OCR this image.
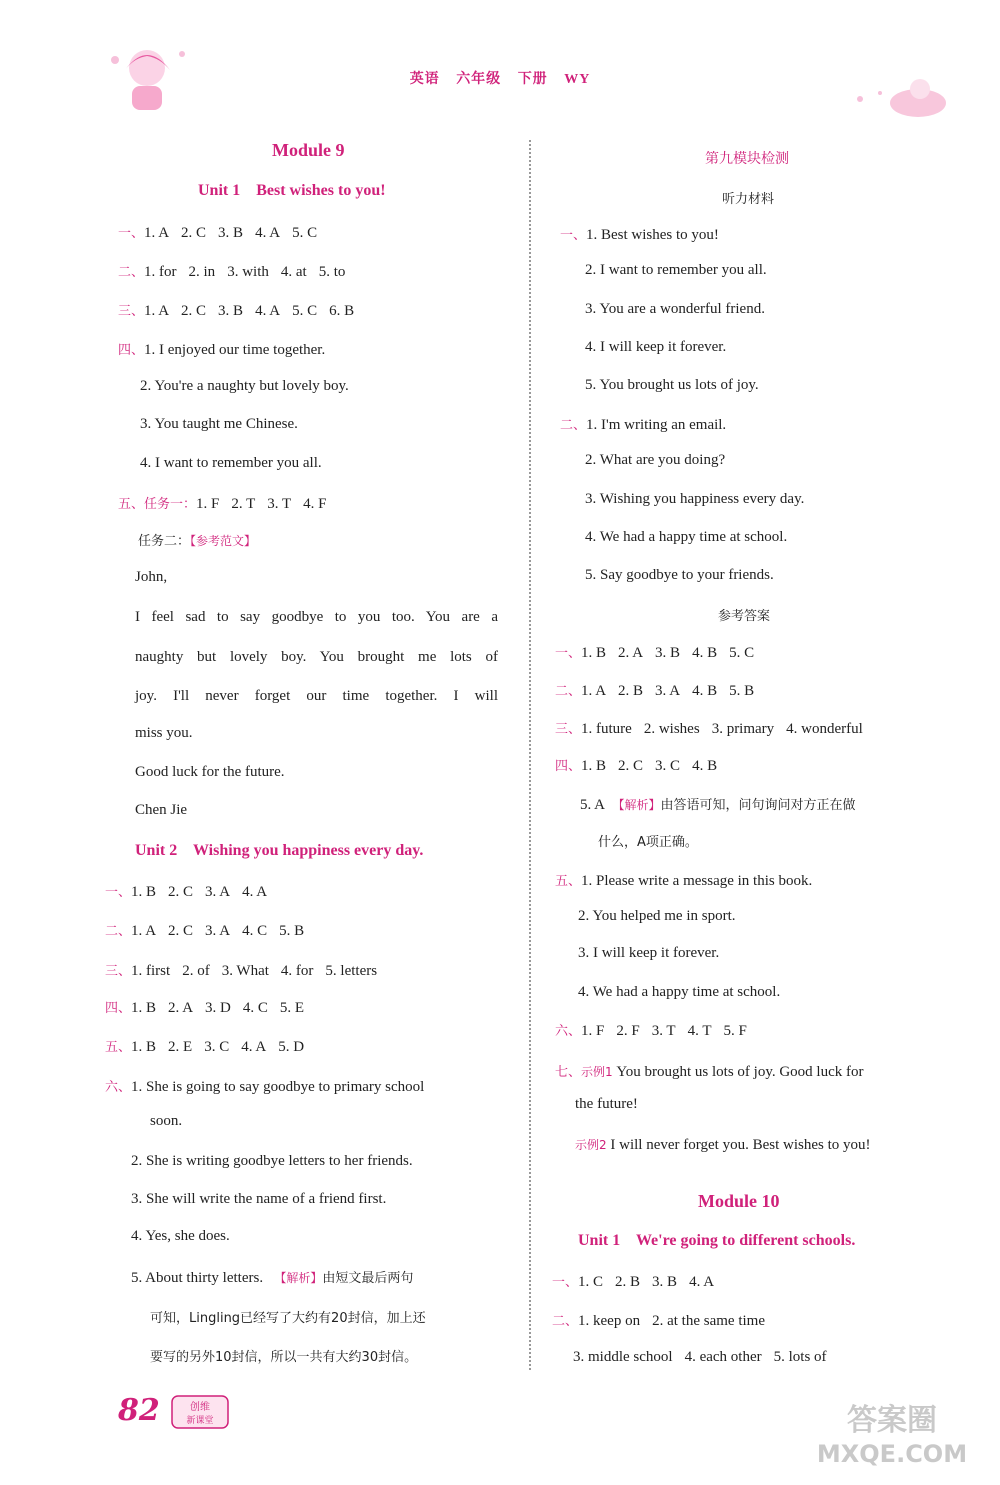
英语 六年级 下册 WY
Module 9
Unit 1    Best wishes to you!
一、1. A 2. C 3. B 4. A 5. C
二、1. for 2. in 3. with 4. at 5. to
三、1. A 2. C 3. B 4. A 5. C 6. B
四、1. I enjoyed our time together.
2. You're a naughty but lovely boy.
3. You taught me Chinese.
4. I want to remember you all.
五、任务一：1. F 2. T 3. T 4. F
任务二：【参考范文】
John,
I feel sad to say goodbye to you too. You are a
naughty but lovely boy. You brought me lots of
joy. I'll never forget our time together. I will
miss you.
Good luck for the future.
Chen Jie
Unit 2    Wishing you happiness every day.
一、1. B 2. C 3. A 4. A
二、1. A 2. C 3. A 4. C 5. B
三、1. first 2. of 3. What 4. for 5. letters
四、1. B 2. A 3. D 4. C 5. E
五、1. B 2. E 3. C 4. A 5. D
六、1. She is going to say goodbye to primary school
soon.
2. She is writing goodbye letters to her friends.
3. She will write the name of a friend first.
4. Yes, she does.
5. About thirty letters. 【解析】由短文最后两句
可知，Lingling已经写了大约有20封信，加上还
要写的另外10封信，所以一共有大约30封信。
第九模块检测
听力材料
一、1. Best wishes to you!
2. I want to remember you all.
3. You are a wonderful friend.
4. I will keep it forever.
5. You brought us lots of joy.
二、1. I'm writing an email.
2. What are you doing?
3. Wishing you happiness every day.
4. We had a happy time at school.
5. Say goodbye to your friends.
参考答案
一、1. B 2. A 3. B 4. B 5. C
二、1. A 2. B 3. A 4. B 5. B
三、1. future 2. wishes 3. primary 4. wonderful
四、1. B 2. C 3. C 4. B
5. A 【解析】由答语可知，问句询问对方正在做
什么，A项正确。
五、1. Please write a message in this book.
2. You helped me in sport.
3. I will keep it forever.
4. We had a happy time at school.
六、1. F 2. F 3. T 4. T 5. F
七、示例1 You brought us lots of joy. Good luck for
the future!
示例2 I will never forget you. Best wishes to you!
Module 10
Unit 1    We're going to different schools.
一、1. C 2. B 3. B 4. A
二、1. keep on 2. at the same time
3. middle school 4. each other 5. lots of
82	创维
新课堂	答案圈
MXQE.COM
